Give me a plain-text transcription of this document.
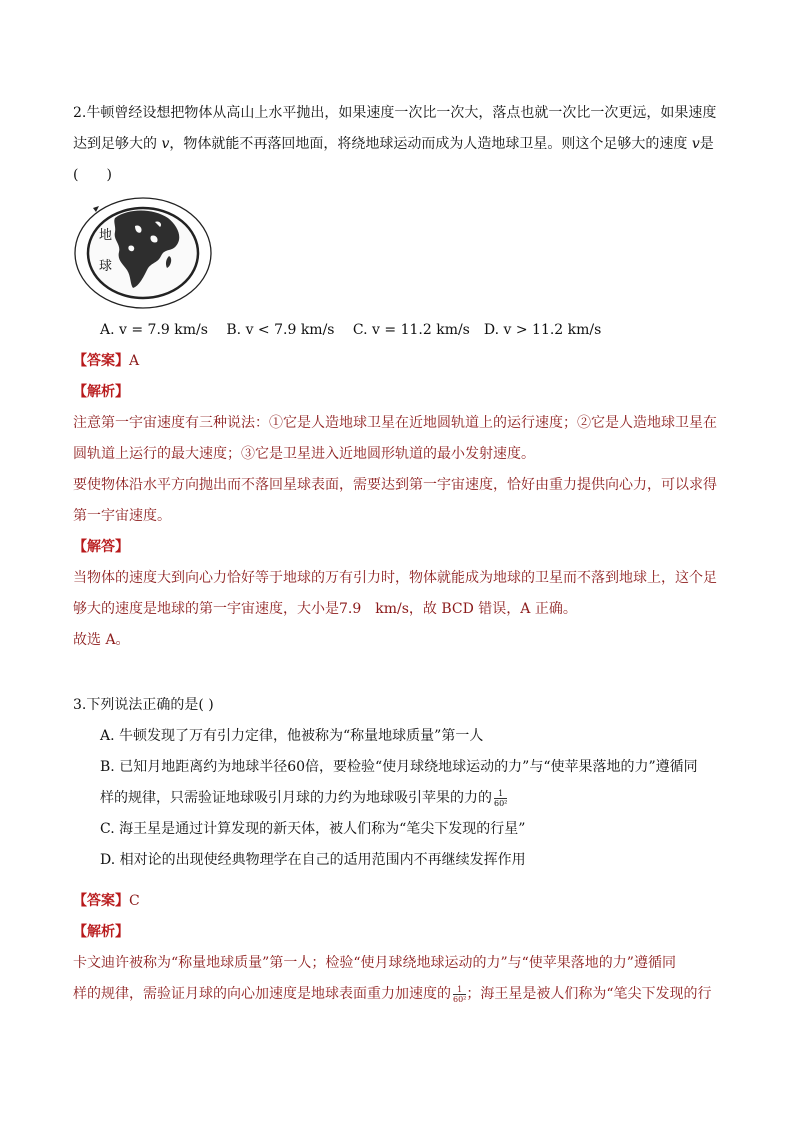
2.牛顿曾经设想把物体从高山上水平抛出，如果速度一次比一次大，落点也就一次比一次更远，如果速度
达到足够大的 v，物体就能不再落回地面，将绕地球运动而成为人造地球卫星。则这个足够大的速度 v是
(　　)
地
球
A. v = 7.9 km/s　 B. v < 7.9 km/s　 C. v = 11.2 km/s　D. v > 11.2 km/s
【答案】A
【解析】
注意第一宇宙速度有三种说法：①它是人造地球卫星在近地圆轨道上的运行速度；②它是人造地球卫星在
圆轨道上运行的最大速度；③它是卫星进入近地圆形轨道的最小发射速度。
要使物体沿水平方向抛出而不落回星球表面，需要达到第一宇宙速度，恰好由重力提供向心力，可以求得
第一宇宙速度。
【解答】
当物体的速度大到向心力恰好等于地球的万有引力时，物体就能成为地球的卫星而不落到地球上，这个足
够大的速度是地球的第一宇宙速度，大小是7.9　km/s，故 BCD 错误，A 正确。
故选 A。
3.下列说法正确的是( )
A. 牛顿发现了万有引力定律，他被称为“称量地球质量”第一人
B. 已知月地距离约为地球半径60倍，要检验“使月球绕地球运动的力”与“使苹果落地的力”遵循同
样的规律，只需验证地球吸引月球的力约为地球吸引苹果的力的 $\frac{1}{\text{60²}}$
C. 海王星是通过计算发现的新天体，被人们称为“笔尖下发现的行星”
D. 相对论的出现使经典物理学在自己的适用范围内不再继续发挥作用
【答案】C
【解析】
卡文迪许被称为“称量地球质量”第一人；检验“使月球绕地球运动的力”与“使苹果落地的力”遵循同
样的规律，需验证月球的向心加速度是地球表面重力加速度的 $\frac{1}{\text{60²}}$ ；海王星是被人们称为“笔尖下发现的行
